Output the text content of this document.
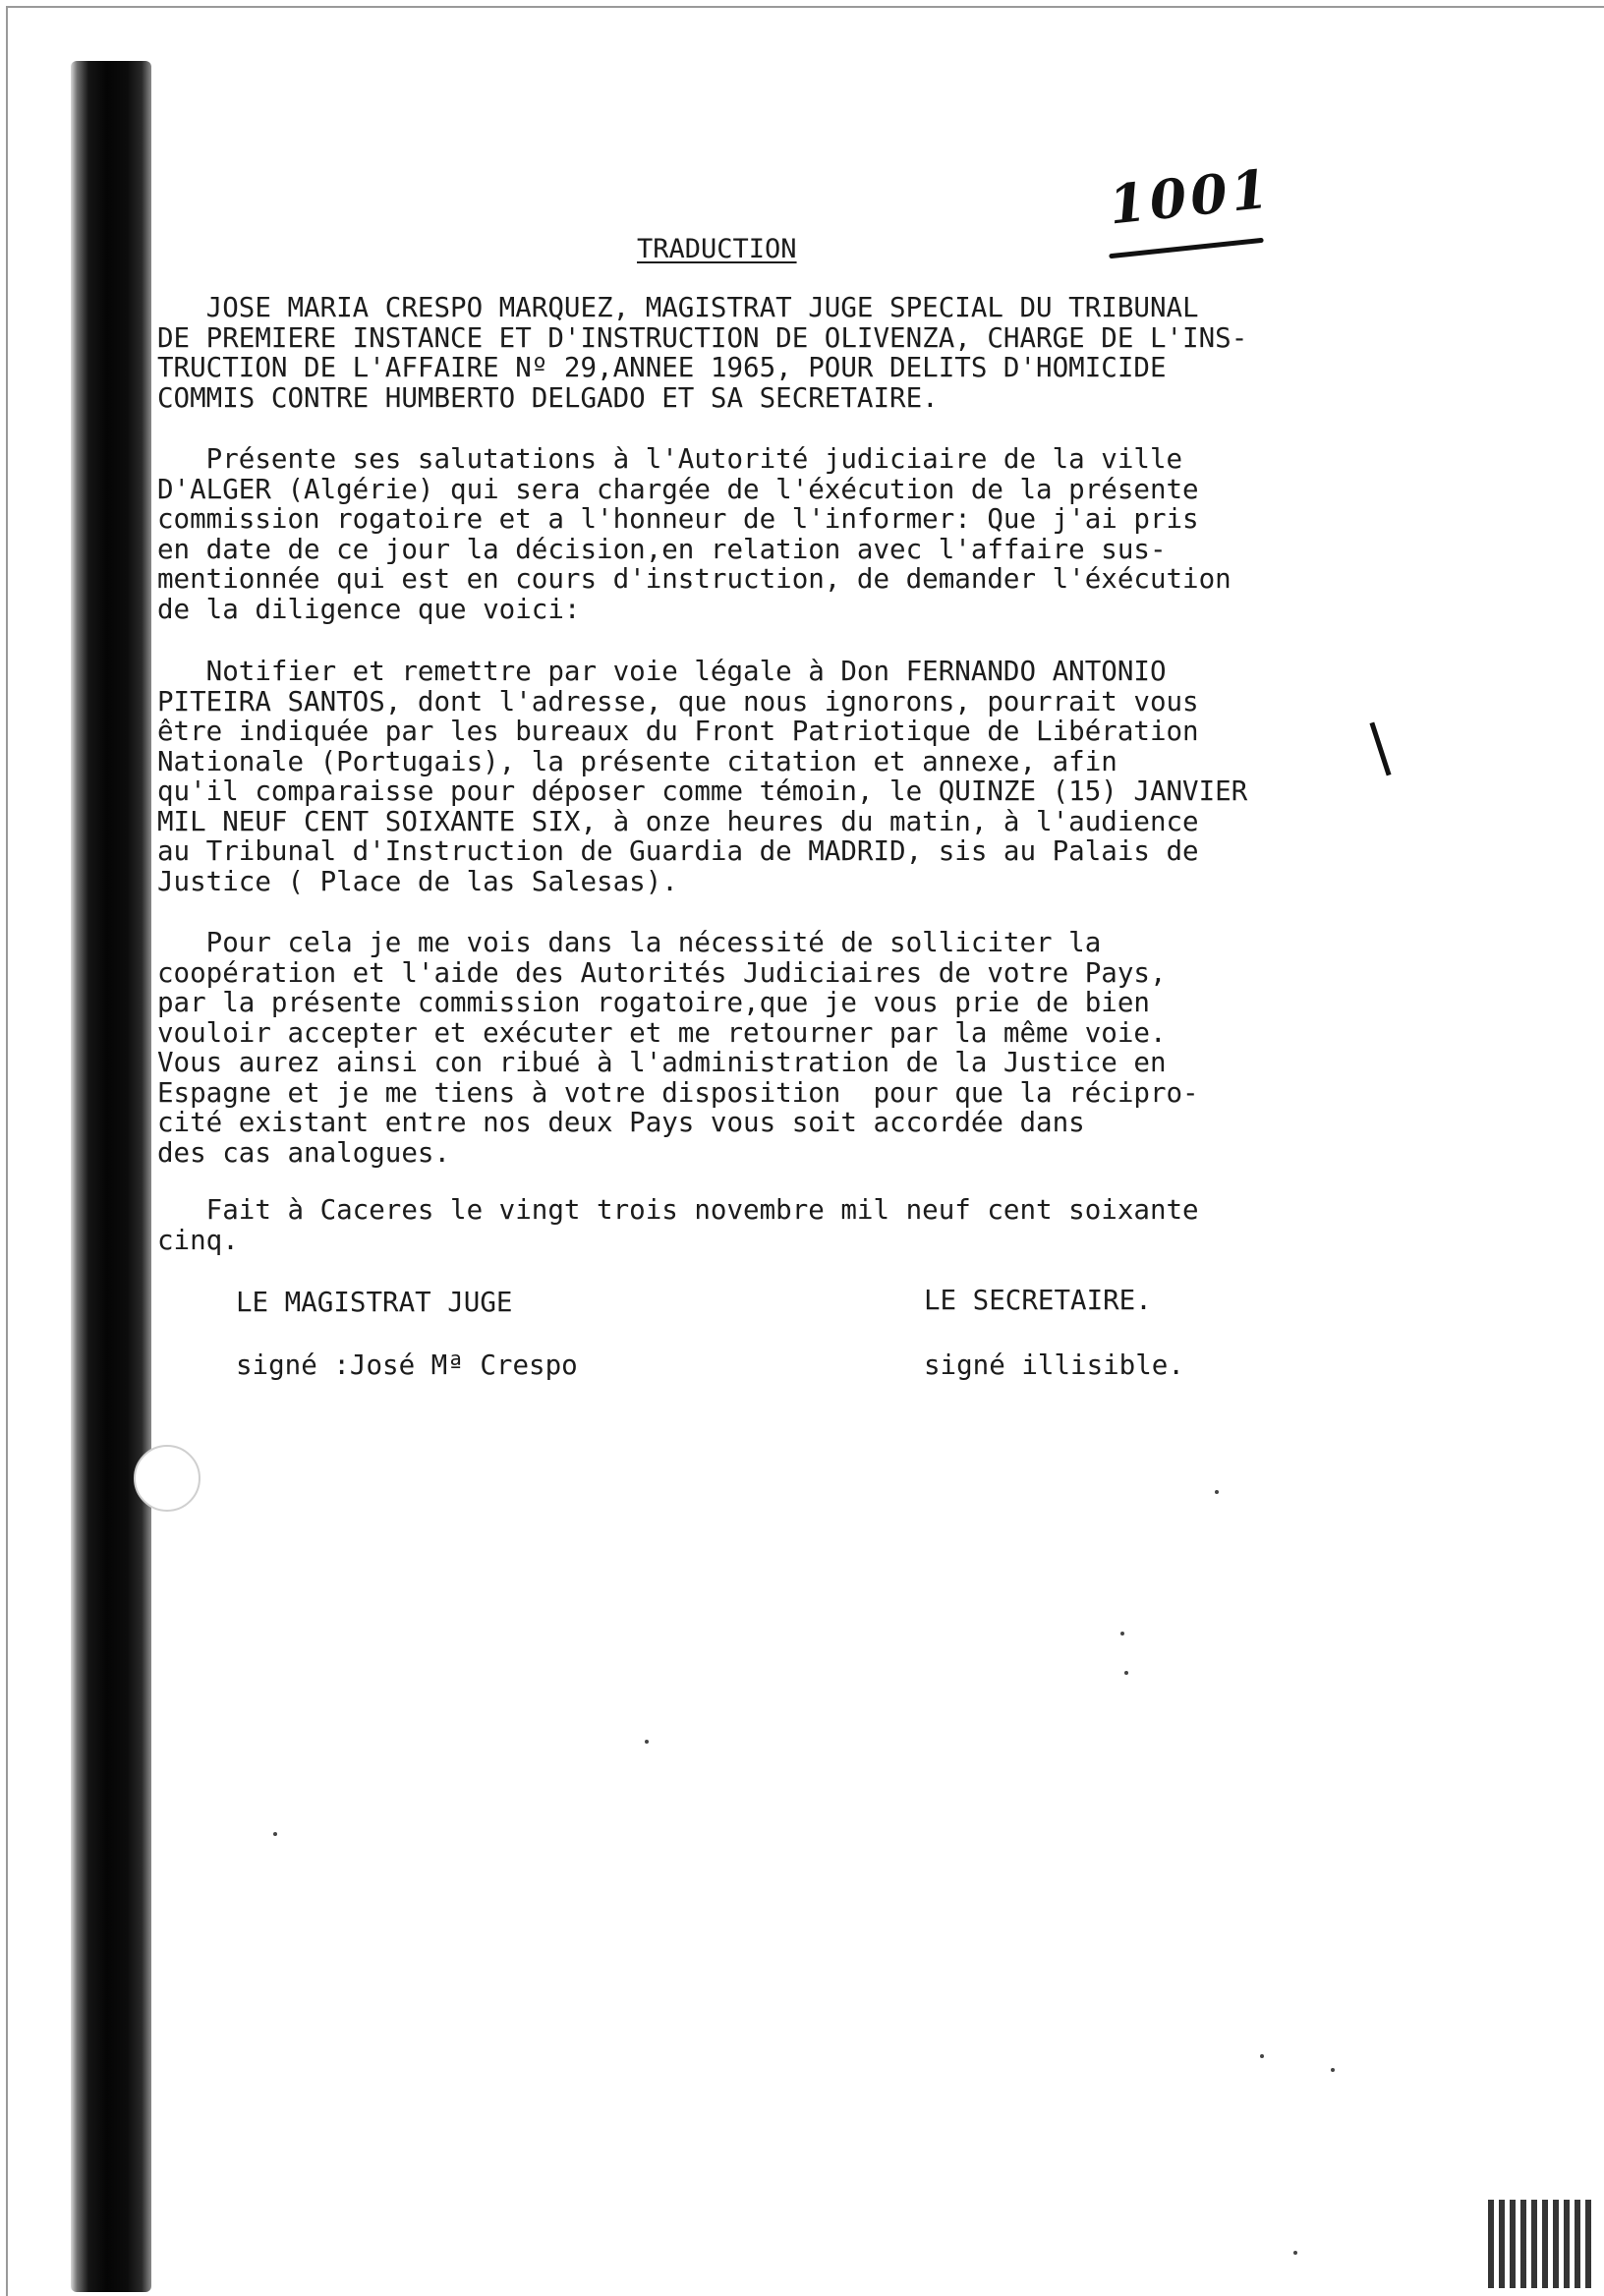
1001
TRADUCTION
JOSE MARIA CRESPO MARQUEZ, MAGISTRAT JUGE SPECIAL DU TRIBUNAL
DE PREMIERE INSTANCE ET D'INSTRUCTION DE OLIVENZA, CHARGE DE L'INS-
TRUCTION DE L'AFFAIRE Nº 29,ANNEE 1965, POUR DELITS D'HOMICIDE
COMMIS CONTRE HUMBERTO DELGADO ET SA SECRETAIRE.
Présente ses salutations à l'Autorité judiciaire de la ville
D'ALGER (Algérie) qui sera chargée de l'éxécution de la présente
commission rogatoire et a l'honneur de l'informer: Que j'ai pris
en date de ce jour la décision,en relation avec l'affaire sus-
mentionnée qui est en cours d'instruction, de demander l'éxécution
de la diligence que voici:
Notifier et remettre par voie légale à Don FERNANDO ANTONIO
PITEIRA SANTOS, dont l'adresse, que nous ignorons, pourrait vous
être indiquée par les bureaux du Front Patriotique de Libération
Nationale (Portugais), la présente citation et annexe, afin
qu'il comparaisse pour déposer comme témoin, le QUINZE (15) JANVIER
MIL NEUF CENT SOIXANTE SIX, à onze heures du matin, à l'audience
au Tribunal d'Instruction de Guardia de MADRID, sis au Palais de
Justice ( Place de las Salesas).
Pour cela je me vois dans la nécessité de solliciter la
coopération et l'aide des Autorités Judiciaires de votre Pays,
par la présente commission rogatoire,que je vous prie de bien
vouloir accepter et exécuter et me retourner par la même voie.
Vous aurez ainsi con ribué à l'administration de la Justice en
Espagne et je me tiens à votre disposition  pour que la récipro-
cité existant entre nos deux Pays vous soit accordée dans
des cas analogues.
Fait à Caceres le vingt trois novembre mil neuf cent soixante
cinq.
LE MAGISTRAT JUGE
signé :José Mª Crespo
LE SECRETAIRE.
signé illisible.
